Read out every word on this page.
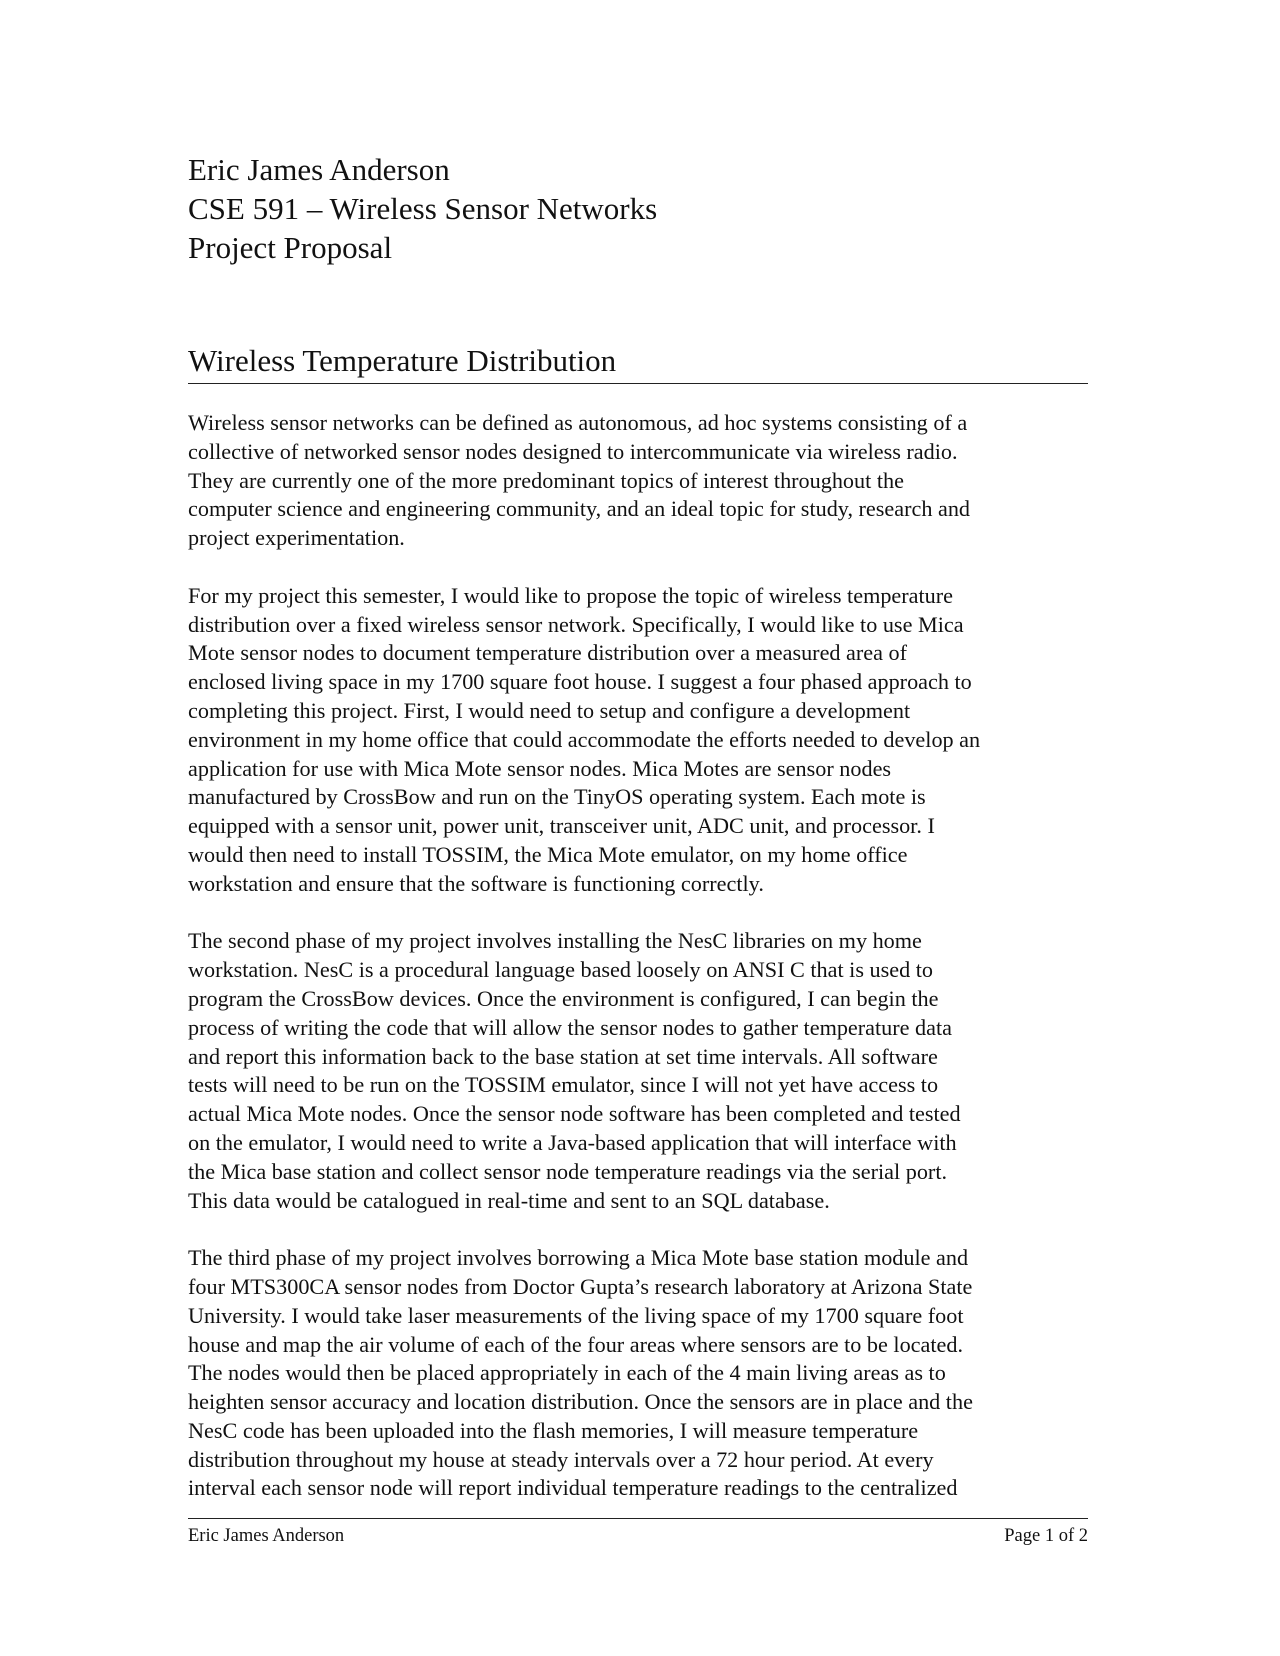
Eric James Anderson
CSE 591 – Wireless Sensor Networks
Project Proposal
Wireless Temperature Distribution

Wireless sensor networks can be defined as autonomous, ad hoc systems consisting of a
collective of networked sensor nodes designed to intercommunicate via wireless radio.
They are currently one of the more predominant topics of interest throughout the
computer science and engineering community, and an ideal topic for study, research and
project experimentation.

For my project this semester, I would like to propose the topic of wireless temperature
distribution over a fixed wireless sensor network. Specifically, I would like to use Mica
Mote sensor nodes to document temperature distribution over a measured area of
enclosed living space in my 1700 square foot house. I suggest a four phased approach to
completing this project. First, I would need to setup and configure a development
environment in my home office that could accommodate the efforts needed to develop an
application for use with Mica Mote sensor nodes. Mica Motes are sensor nodes
manufactured by CrossBow and run on the TinyOS operating system. Each mote is
equipped with a sensor unit, power unit, transceiver unit, ADC unit, and processor. I
would then need to install TOSSIM, the Mica Mote emulator, on my home office
workstation and ensure that the software is functioning correctly.

The second phase of my project involves installing the NesC libraries on my home
workstation. NesC is a procedural language based loosely on ANSI C that is used to
program the CrossBow devices. Once the environment is configured, I can begin the
process of writing the code that will allow the sensor nodes to gather temperature data
and report this information back to the base station at set time intervals. All software
tests will need to be run on the TOSSIM emulator, since I will not yet have access to
actual Mica Mote nodes. Once the sensor node software has been completed and tested
on the emulator, I would need to write a Java-based application that will interface with
the Mica base station and collect sensor node temperature readings via the serial port.
This data would be catalogued in real-time and sent to an SQL database.

The third phase of my project involves borrowing a Mica Mote base station module and
four MTS300CA sensor nodes from Doctor Gupta’s research laboratory at Arizona State
University. I would take laser measurements of the living space of my 1700 square foot
house and map the air volume of each of the four areas where sensors are to be located.
The nodes would then be placed appropriately in each of the 4 main living areas as to
heighten sensor accuracy and location distribution. Once the sensors are in place and the
NesC code has been uploaded into the flash memories, I will measure temperature
distribution throughout my house at steady intervals over a 72 hour period. At every
interval each sensor node will report individual temperature readings to the centralized

Eric James Anderson	Page 1 of 2
